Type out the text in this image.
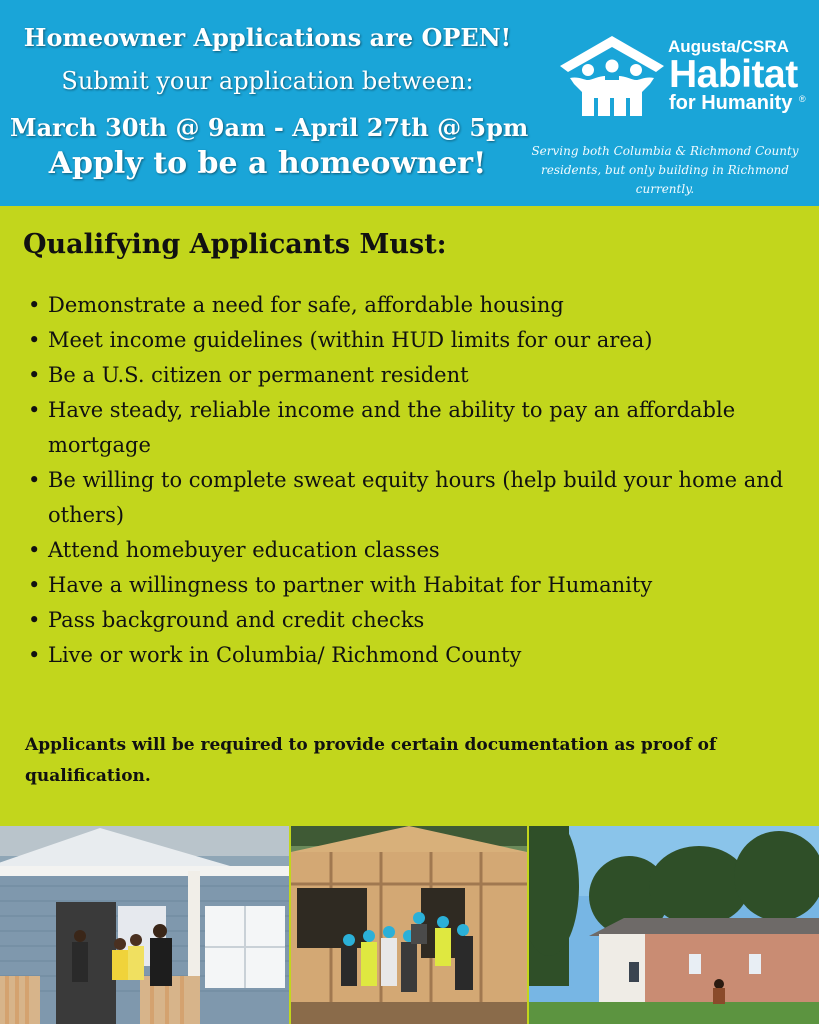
Homeowner Applications are OPEN!
Submit your application between:
March 30th @ 9am - April 27th @ 5pm
Apply to be a homeowner!
Augusta/CSRA
Habitat
for Humanity ®
Serving both Columbia & Richmond County residents, but only building in Richmond currently.
Qualifying Applicants Must:
• Demonstrate a need for safe, affordable housing
• Meet income guidelines (within HUD limits for our area)
• Be a U.S. citizen or permanent resident
• Have steady, reliable income and the ability to pay an affordable mortgage
• Be willing to complete sweat equity hours (help build your home and others)
• Attend homebuyer education classes
• Have a willingness to partner with Habitat for Humanity
• Pass background and credit checks
• Live or work in Columbia/ Richmond County
Applicants will be required to provide certain documentation as proof of qualification.
